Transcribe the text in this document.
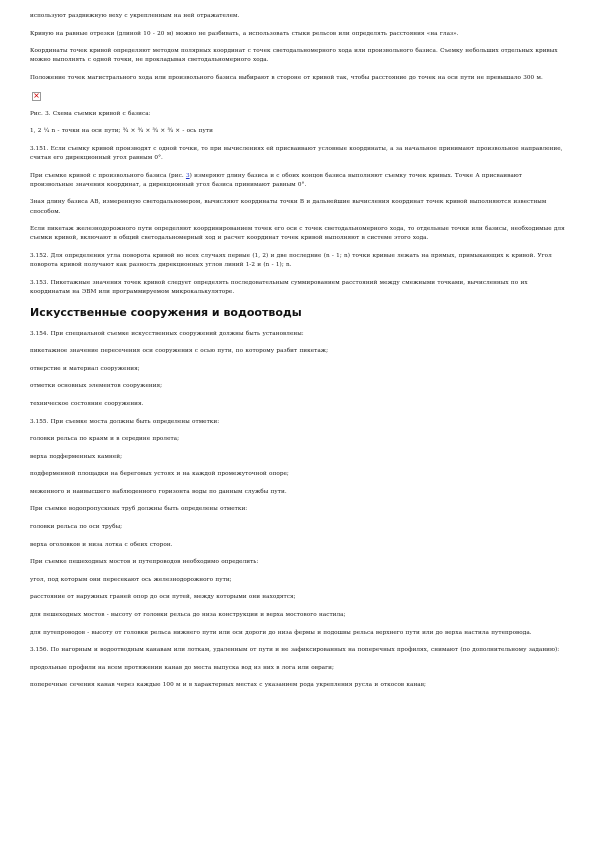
используют раздвижную вехy с укрепленным на ней отражателем.

Кривую на равные отрезки (длиной 10 - 20 м) можно не разбивать, а использовать стыки рельсов или определять расстояния «на глаз».

Координаты точек кривой определяют методом полярных координат с точек светодальномерного хода или произвольного базиса. Съемку небольших отдельных кривых можно выполнять с одной точки, не прокладывая светодальномерного хода.

Положение точек магистрального хода или произвольного базиса выбирают в стороне от кривой так, чтобы расстояние до точек на оси пути не превышало 300 м.

×

Рис. 3. Схема съемки кривой с базиса:

1, 2 ¼ n - точки на оси пути; ¾ × ¾ × ¾ × ¾ × - ось пути

3.151. Если съемку кривой производят с одной точки, то при вычислениях ей присваивают условные координаты, а за начальное принимают произвольное направление, считая его дирекционный угол равным 0°.

При съемке кривой с произвольного базиса (рис. 3) измеряют длину базиса и с обоих концов базиса выполняют съемку точек кривых. Точке А присваивают произвольные значения координат, а дирекционный угол базиса принимают равным 0°.

Зная длину базиса AB, измеренную светодальномером, вычисляют координаты точки B и дальнейшие вычисления координат точек кривой выполняются известным способом.

Если пикетаж железнодорожного пути определяют координированием точек его оси с точек светодальномерного хода, то отдельные точки или базисы, необходимые для съемки кривой, включают в общий светодальномерный ход и расчет координат точек кривой выполняют в системе этого хода.

3.152. Для определения угла поворота кривой во всех случаях первые (1, 2) и две последние (n - 1; n) точки кривые лежать на прямых, примыкающих к кривой. Угол поворота кривой получают как разность дирекционных углов линий 1-2 и (n - 1); n.

3.153. Пикетажные значения точек кривой следует определять последовательным суммированием расстояний между смежными точками, вычисленных по их координатам на ЭВМ или программируемом микрокалькуляторе.

Искусственные сооружения и водоотводы

3.154. При специальной съемке искусственных сооружений должны быть установлены:

пикетажное значение пересечения оси сооружения с осью пути, по которому разбит пикетаж;

отверстие и материал сооружения;

отметки основных элементов сооружения;

техническое состояние сооружения.

3.155. При съемке моста должны быть определены отметки:

головки рельса по краям и в середине пролета;

верха подферменных камней;

подферменной площадки на береговых устоях и на каждой промежуточной опоре;

меженного и наивысшего наблюденного горизонта воды по данным службы пути.

При съемке водопропускных труб должны быть определены отметки:

головки рельса по оси трубы;

верха оголовков и низа лотка с обеих сторон.

При съемке пешеходных мостов и путепроводов необходимо определить:

угол, под которым они пересекают ось железнодорожного пути;

расстояние от наружных граней опор до оси путей, между которыми они находятся;

для пешеходных мостов - высоту от головки рельса до низа конструкции и верха мостового настила;

для путепроводов - высоту от головки рельса нижнего пути или оси дороги до низа фермы и подошвы рельса верхнего пути или до верха настила путепровода.

3.156. По нагорным и водоотводным канавам или лоткам, удаленным от пути и не зафиксированных на поперечных профилях, снимают (по дополнительному заданию):

продольные профили на всем протяжении канав до места выпуска вод из них в лога или овраги;

поперечные сечения канав через каждые 100 м и в характерных местах с указанием рода укрепления русла и откосов канав;
